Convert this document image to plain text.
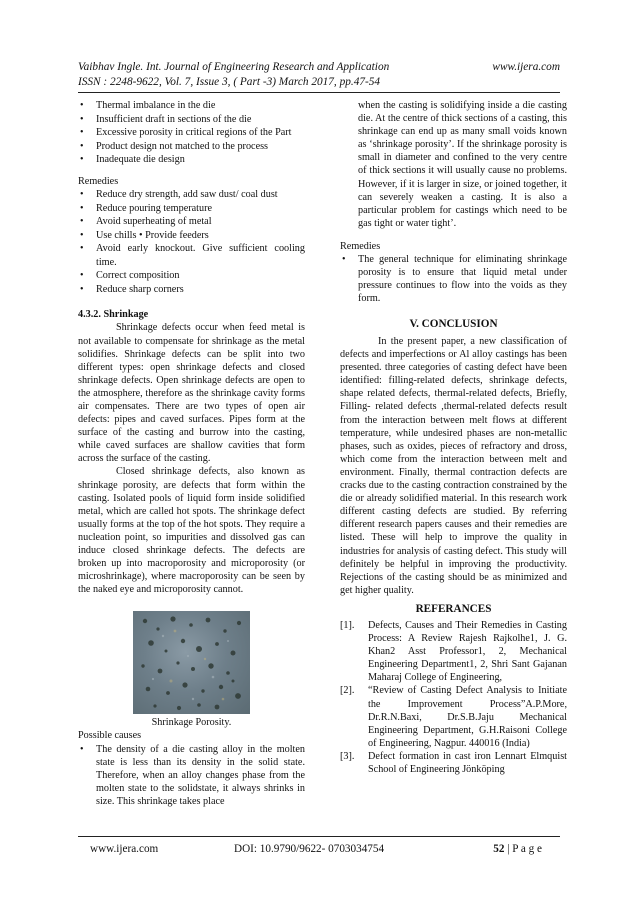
Vaibhav Ingle. Int. Journal of Engineering Research and Application	www.ijera.com
ISSN : 2248-9622, Vol. 7, Issue 3, ( Part -3) March 2017, pp.47-54
• Thermal imbalance in the die
• Insufficient draft in sections of the die
• Excessive porosity in critical regions of the Part
• Product design not matched to the process
• Inadequate die design

Remedies

• Reduce dry strength, add saw dust/ coal dust
• Reduce pouring temperature
• Avoid superheating of metal
• Use chills • Provide feeders
• Avoid early knockout. Give sufficient cooling time.
• Correct composition
• Reduce sharp corners

4.3.2. Shrinkage

Shrinkage defects occur when feed metal is not available to compensate for shrinkage as the metal solidifies. Shrinkage defects can be split into two different types: open shrinkage defects and closed shrinkage defects. Open shrinkage defects are open to the atmosphere, therefore as the shrinkage cavity forms air compensates. There are two types of open air defects: pipes and caved surfaces. Pipes form at the surface of the casting and burrow into the casting, while caved surfaces are shallow cavities that form across the surface of the casting.

Closed shrinkage defects, also known as shrinkage porosity, are defects that form within the casting. Isolated pools of liquid form inside solidified metal, which are called hot spots. The shrinkage defect usually forms at the top of the hot spots. They require a nucleation point, so impurities and dissolved gas can induce closed shrinkage defects. The defects are broken up into macroporosity and microporosity (or microshrinkage), where macroporosity can be seen by the naked eye and microporosity cannot.

Shrinkage Porosity.

Possible causes

• The density of a die casting alloy in the molten state is less than its density in the solid state. Therefore, when an alloy changes phase from the molten state to the solidstate, it always shrinks in size. This shrinkage takes place

when the casting is solidifying inside a die casting die. At the centre of thick sections of a casting, this shrinkage can end up as many small voids known as ‘shrinkage porosity’. If the shrinkage porosity is small in diameter and confined to the very centre of thick sections it will usually cause no problems. However, if it is larger in size, or joined together, it can severely weaken a casting. It is also a particular problem for castings which need to be gas tight or water tight’.

Remedies

• The general technique for eliminating shrinkage porosity is to ensure that liquid metal under pressure continues to flow into the voids as they form.

V. CONCLUSION

In the present paper, a new classification of defects and imperfections or Al alloy castings has been presented. three categories of casting defect have been identified: filling-related defects, shrinkage defects, shape related defects, thermal-related defects, Briefly, Filling- related defects ,thermal-related defects result from the interaction between melt flows at different temperature, while undesired phases are non-metallic phases, such as oxides, pieces of refractory and dross, which come from the interaction between melt and environment. Finally, thermal contraction defects are cracks due to the casting contraction constrained by the die or already solidified material. In this research work different casting defects are studied. By referring different research papers causes and their remedies are listed. These will help to improve the quality in industries for analysis of casting defect. This study will definitely be helpful in improving the productivity. Rejections of the casting should be as minimized and get higher quality.

REFERANCES

[1]. Defects, Causes and Their Remedies in Casting Process: A Review Rajesh Rajkolhe1, J. G. Khan2 Asst Professor1, 2, Mechanical Engineering Department1, 2, Shri Sant Gajanan Maharaj College of Engineering,
[2]. “Review of Casting Defect Analysis to Initiate the Improvement Process”A.P.More, Dr.R.N.Baxi, Dr.S.B.Jaju Mechanical Engineering Department, G.H.Raisoni College of Engineering, Nagpur. 440016 (India)
[3]. Defect formation in cast iron Lennart Elmquist School of Engineering Jönköping
www.ijera.com	DOI: 10.9790/9622- 0703034754	52 | P a g e
